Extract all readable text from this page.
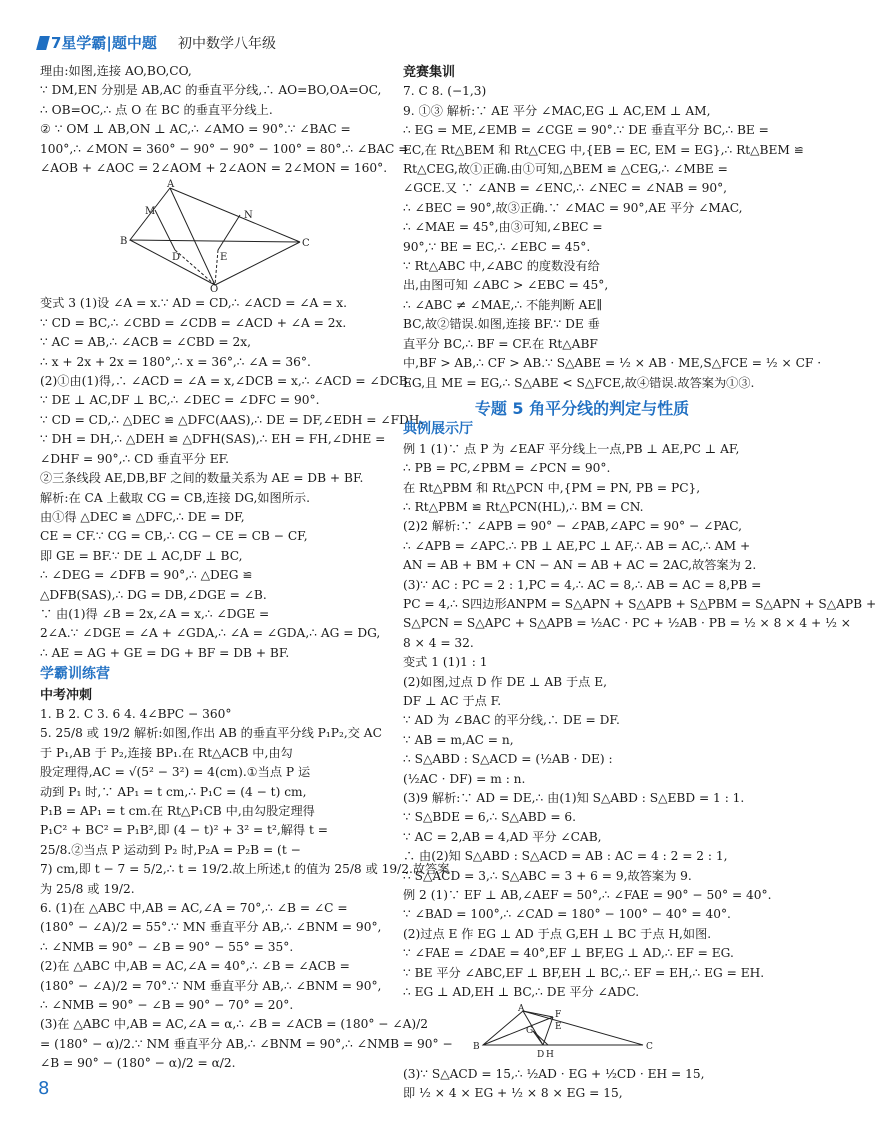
7星学霸|题中题 初中数学八年级

理由:如图,连接 AO,BO,CO,

∵ DM,EN 分别是 AB,AC 的垂直平分线,∴ AO=BO,OA=OC,

∴ OB=OC,∴ 点 O 在 BC 的垂直平分线上.

② ∵ OM ⊥ AB,ON ⊥ AC,∴ ∠AMO = 90°.∵ ∠BAC =

100°,∴ ∠MON = 360° − 90° − 90° − 100° = 80°.∴ ∠BAC =

∠AOB + ∠AOC = 2∠AOM + 2∠AON = 2∠MON = 160°.

A
B	C
D	E
M	N
O

变式 3 (1)设 ∠A = x.∵ AD = CD,∴ ∠ACD = ∠A = x.

∵ CD = BC,∴ ∠CBD = ∠CDB = ∠ACD + ∠A = 2x.

∵ AC = AB,∴ ∠ACB = ∠CBD = 2x,

∴ x + 2x + 2x = 180°,∴ x = 36°,∴ ∠A = 36°.

(2)①由(1)得,∴ ∠ACD = ∠A = x,∠DCB = x,∴ ∠ACD = ∠DCB.

∵ DE ⊥ AC,DF ⊥ BC,∴ ∠DEC = ∠DFC = 90°.

∵ CD = CD,∴ △DEC ≌ △DFC(AAS),∴ DE = DF,∠EDH = ∠FDH.

∵ DH = DH,∴ △DEH ≌ △DFH(SAS),∴ EH = FH,∠DHE =

∠DHF = 90°,∴ CD 垂直平分 EF.

②三条线段 AE,DB,BF 之间的数量关系为 AE = DB + BF.

解析:在 CA 上截取 CG = CB,连接 DG,如图所示.

由①得 △DEC ≌ △DFC,∴ DE = DF,

CE = CF.∵ CG = CB,∴ CG − CE = CB − CF,

即 GE = BF.∵ DE ⊥ AC,DF ⊥ BC,

∴ ∠DEG = ∠DFB = 90°,∴ △DEG ≌

△DFB(SAS),∴ DG = DB,∠DGE = ∠B.

∵ 由(1)得 ∠B = 2x,∠A = x,∴ ∠DGE =

2∠A.∵ ∠DGE = ∠A + ∠GDA,∴ ∠A = ∠GDA,∴ AG = DG,

∴ AE = AG + GE = DG + BF = DB + BF.

学霸训练营

中考冲刺

1. B 2. C 3. 6 4. 4∠BPC − 360°

5. 25/8 或 19/2 解析:如图,作出 AB 的垂直平分线 P₁P₂,交 AC

于 P₁,AB 于 P₂,连接 BP₁.在 Rt△ACB 中,由勾

股定理得,AC = √(5² − 3²) = 4(cm).①当点 P 运

动到 P₁ 时,∵ AP₁ = t cm,∴ P₁C = (4 − t) cm,

P₁B = AP₁ = t cm.在 Rt△P₁CB 中,由勾股定理得

P₁C² + BC² = P₁B²,即 (4 − t)² + 3² = t²,解得 t =

25/8.②当点 P 运动到 P₂ 时,P₂A = P₂B = (t −

7) cm,即 t − 7 = 5/2,∴ t = 19/2.故上所述,t 的值为 25/8 或 19/2.故答案

为 25/8 或 19/2.

6. (1)在 △ABC 中,AB = AC,∠A = 70°,∴ ∠B = ∠C =

(180° − ∠A)/2 = 55°.∵ MN 垂直平分 AB,∴ ∠BNM = 90°,

∴ ∠NMB = 90° − ∠B = 90° − 55° = 35°.

(2)在 △ABC 中,AB = AC,∠A = 40°,∴ ∠B = ∠ACB =

(180° − ∠A)/2 = 70°.∵ NM 垂直平分 AB,∴ ∠BNM = 90°,

∴ ∠NMB = 90° − ∠B = 90° − 70° = 20°.

(3)在 △ABC 中,AB = AC,∠A = α,∴ ∠B = ∠ACB = (180° − ∠A)/2

= (180° − α)/2.∵ NM 垂直平分 AB,∴ ∠BNM = 90°,∴ ∠NMB = 90° −

∠B = 90° − (180° − α)/2 = α/2.

竞赛集训

7. C 8. (−1,3)

9. ①③ 解析:∵ AE 平分 ∠MAC,EG ⊥ AC,EM ⊥ AM,

∴ EG = ME,∠EMB = ∠CGE = 90°.∵ DE 垂直平分 BC,∴ BE =

EC,在 Rt△BEM 和 Rt△CEG 中,{EB = EC, EM = EG},∴ Rt△BEM ≌

Rt△CEG,故①正确.由①可知,△BEM ≌ △CEG,∴ ∠MBE =

∠GCE.又 ∵ ∠ANB = ∠ENC,∴ ∠NEC = ∠NAB = 90°,

∴ ∠BEC = 90°,故③正确.∵ ∠MAC = 90°,AE 平分 ∠MAC,

∴ ∠MAE = 45°,由③可知,∠BEC =

90°,∵ BE = EC,∴ ∠EBC = 45°.

∵ Rt△ABC 中,∠ABC 的度数没有给

出,由图可知 ∠ABC > ∠EBC = 45°,

∴ ∠ABC ≠ ∠MAE,∴ 不能判断 AE∥

BC,故②错误.如图,连接 BF.∵ DE 垂

直平分 BC,∴ BF = CF.在 Rt△ABF

中,BF > AB,∴ CF > AB.∵ S△ABE = ½ × AB · ME,S△FCE = ½ × CF ·

EG,且 ME = EG,∴ S△ABE < S△FCE,故④错误.故答案为①③.

专题 5 角平分线的判定与性质

典例展示厅

例 1 (1)∵ 点 P 为 ∠EAF 平分线上一点,PB ⊥ AE,PC ⊥ AF,

∴ PB = PC,∠PBM = ∠PCN = 90°.

在 Rt△PBM 和 Rt△PCN 中,{PM = PN, PB = PC},

∴ Rt△PBM ≌ Rt△PCN(HL),∴ BM = CN.

(2)2 解析:∵ ∠APB = 90° − ∠PAB,∠APC = 90° − ∠PAC,

∴ ∠APB = ∠APC.∴ PB ⊥ AE,PC ⊥ AF,∴ AB = AC,∴ AM +

AN = AB + BM + CN − AN = AB + AC = 2AC,故答案为 2.

(3)∵ AC : PC = 2 : 1,PC = 4,∴ AC = 8,∴ AB = AC = 8,PB =

PC = 4,∴ S四边形ANPM = S△APN + S△APB + S△PBM = S△APN + S△APB +

S△PCN = S△APC + S△APB = ½AC · PC + ½AB · PB = ½ × 8 × 4 + ½ ×

8 × 4 = 32.

变式 1 (1)1 : 1

(2)如图,过点 D 作 DE ⊥ AB 于点 E,

DF ⊥ AC 于点 F.

∵ AD 为 ∠BAC 的平分线,∴ DE = DF.

∵ AB = m,AC = n,

∴ S△ABD : S△ACD = (½AB · DE) :

(½AC · DF) = m : n.

(3)9 解析:∵ AD = DE,∴ 由(1)知 S△ABD : S△EBD = 1 : 1.

∵ S△BDE = 6,∴ S△ABD = 6.

∵ AC = 2,AB = 4,AD 平分 ∠CAB,

∴ 由(2)知 S△ABD : S△ACD = AB : AC = 4 : 2 = 2 : 1,

∴ S△ACD = 3,∴ S△ABC = 3 + 6 = 9,故答案为 9.

例 2 (1)∵ EF ⊥ AB,∠AEF = 50°,∴ ∠FAE = 90° − 50° = 40°.

∵ ∠BAD = 100°,∴ ∠CAD = 180° − 100° − 40° = 40°.

(2)过点 E 作 EG ⊥ AD 于点 G,EH ⊥ BC 于点 H,如图.

∵ ∠FAE = ∠DAE = 40°,EF ⊥ BF,EG ⊥ AD,∴ EF = EG.

∵ BE 平分 ∠ABC,EF ⊥ BF,EH ⊥ BC,∴ EF = EH,∴ EG = EH.

∴ EG ⊥ AD,EH ⊥ BC,∴ DE 平分 ∠ADC.

A
B	C
D H
F
G E

(3)∵ S△ACD = 15,∴ ½AD · EG + ½CD · EH = 15,

即 ½ × 4 × EG + ½ × 8 × EG = 15,

8
